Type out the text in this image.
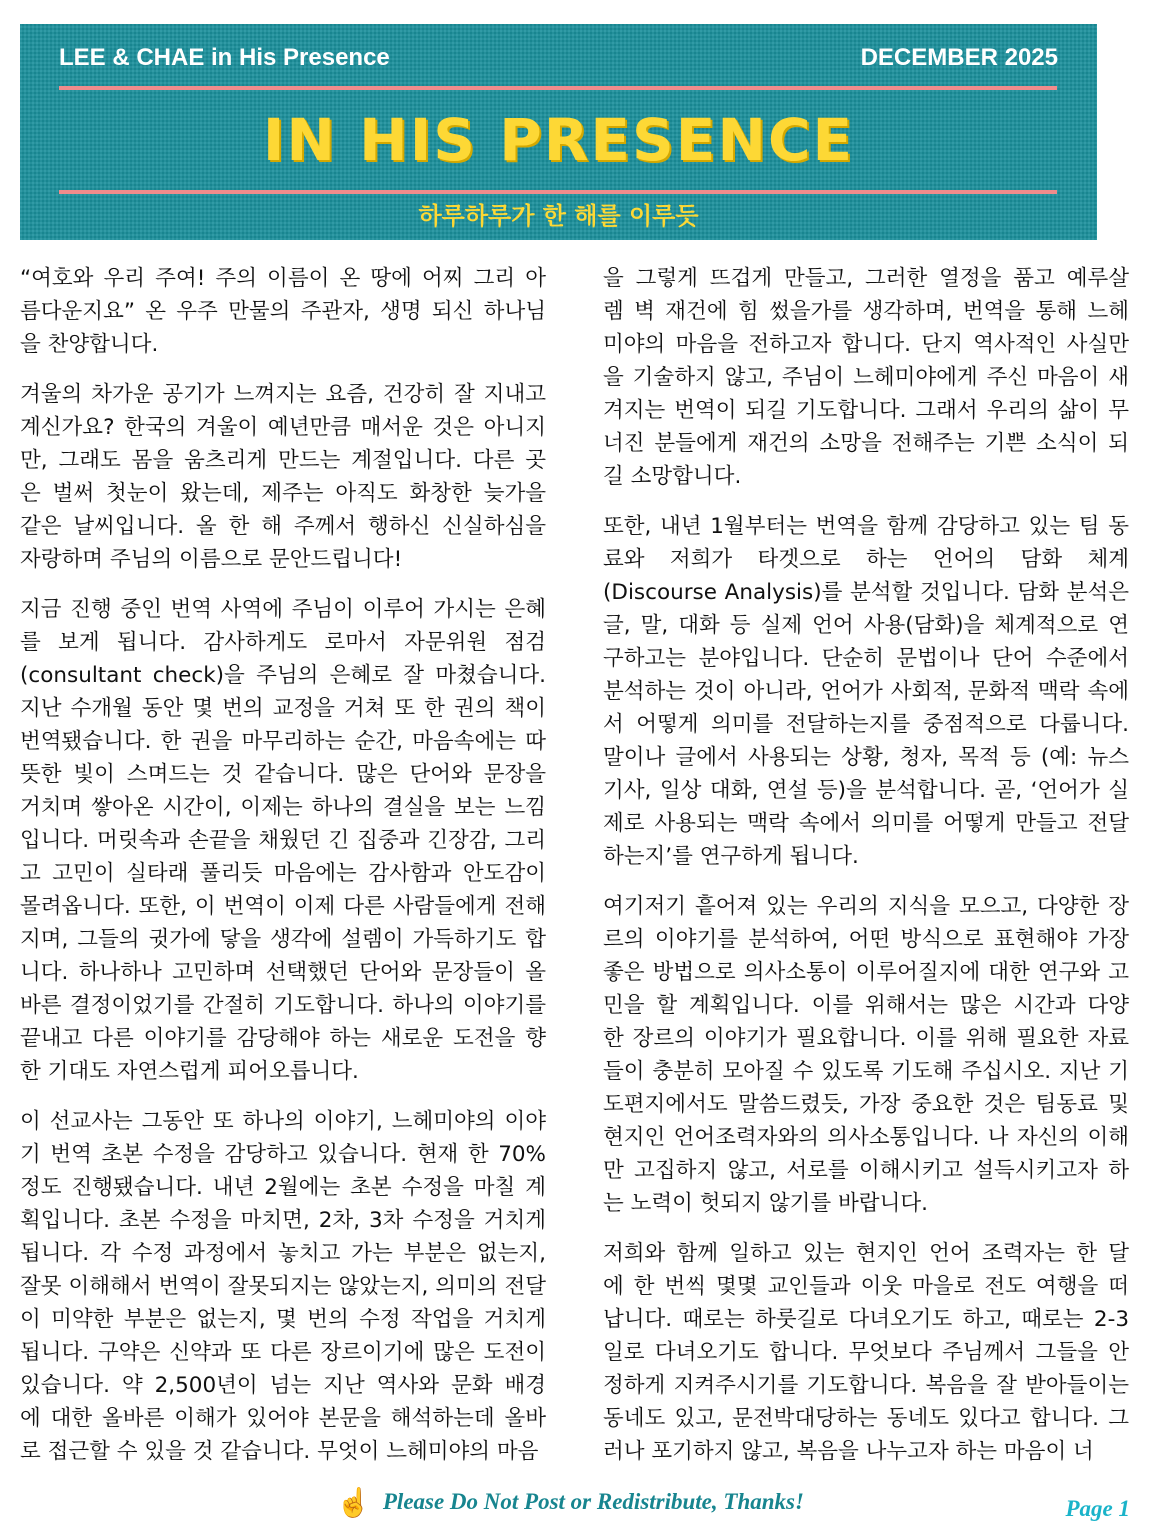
LEE & CHAE in His Presence	DECEMBER 2025
IN HIS PRESENCE
하루하루가 한 해를 이루듯
“여호와 우리 주여! 주의 이름이 온 땅에 어찌 그리 아
름다운지요” 온 우주 만물의 주관자, 생명 되신 하나님
을 찬양합니다.
겨울의 차가운 공기가 느껴지는 요즘, 건강히 잘 지내고
계신가요? 한국의 겨울이 예년만큼 매서운 것은 아니지
만, 그래도 몸을 움츠리게 만드는 계절입니다. 다른 곳
은 벌써 첫눈이 왔는데, 제주는 아직도 화창한 늦가을
같은 날씨입니다. 올 한 해 주께서 행하신 신실하심을
자랑하며 주님의 이름으로 문안드립니다!
지금 진행 중인 번역 사역에 주님이 이루어 가시는 은혜
를 보게 됩니다. 감사하게도 로마서 자문위원 점검
(consultant check)을 주님의 은혜로 잘 마쳤습니다.
지난 수개월 동안 몇 번의 교정을 거쳐 또 한 권의 책이
번역됐습니다. 한 권을 마무리하는 순간, 마음속에는 따
뜻한 빛이 스며드는 것 같습니다. 많은 단어와 문장을
거치며 쌓아온 시간이, 이제는 하나의 결실을 보는 느낌
입니다. 머릿속과 손끝을 채웠던 긴 집중과 긴장감, 그리
고 고민이 실타래 풀리듯 마음에는 감사함과 안도감이
몰려옵니다. 또한, 이 번역이 이제 다른 사람들에게 전해
지며, 그들의 귓가에 닿을 생각에 설렘이 가득하기도 합
니다. 하나하나 고민하며 선택했던 단어와 문장들이 올
바른 결정이었기를 간절히 기도합니다. 하나의 이야기를
끝내고 다른 이야기를 감당해야 하는 새로운 도전을 향
한 기대도 자연스럽게 피어오릅니다.
이 선교사는 그동안 또 하나의 이야기, 느헤미야의 이야
기 번역 초본 수정을 감당하고 있습니다. 현재 한 70%
정도 진행됐습니다. 내년 2월에는 초본 수정을 마칠 계
획입니다. 초본 수정을 마치면, 2차, 3차 수정을 거치게
됩니다. 각 수정 과정에서 놓치고 가는 부분은 없는지,
잘못 이해해서 번역이 잘못되지는 않았는지, 의미의 전달
이 미약한 부분은 없는지, 몇 번의 수정 작업을 거치게
됩니다. 구약은 신약과 또 다른 장르이기에 많은 도전이
있습니다. 약 2,500년이 넘는 지난 역사와 문화 배경
에 대한 올바른 이해가 있어야 본문을 해석하는데 올바
로 접근할 수 있을 것 같습니다. 무엇이 느헤미야의 마음
을 그렇게 뜨겁게 만들고, 그러한 열정을 품고 예루살
렘 벽 재건에 힘 썼을가를 생각하며, 번역을 통해 느헤
미야의 마음을 전하고자 합니다. 단지 역사적인 사실만
을 기술하지 않고, 주님이 느헤미야에게 주신 마음이 새
겨지는 번역이 되길 기도합니다. 그래서 우리의 삶이 무
너진 분들에게 재건의 소망을 전해주는 기쁜 소식이 되
길 소망합니다.
또한, 내년 1월부터는 번역을 함께 감당하고 있는 팀 동
료와 저희가 타겟으로 하는 언어의 담화 체계
(Discourse Analysis)를 분석할 것입니다. 담화 분석은
글, 말, 대화 등 실제 언어 사용(담화)을 체계적으로 연
구하고는 분야입니다. 단순히 문법이나 단어 수준에서
분석하는 것이 아니라, 언어가 사회적, 문화적 맥락 속에
서 어떻게 의미를 전달하는지를 중점적으로 다룹니다.
말이나 글에서 사용되는 상황, 청자, 목적 등 (예: 뉴스
기사, 일상 대화, 연설 등)을 분석합니다. 곧, ‘언어가 실
제로 사용되는 맥락 속에서 의미를 어떻게 만들고 전달
하는지’를 연구하게 됩니다.
여기저기 흩어져 있는 우리의 지식을 모으고, 다양한 장
르의 이야기를 분석하여, 어떤 방식으로 표현해야 가장
좋은 방법으로 의사소통이 이루어질지에 대한 연구와 고
민을 할 계획입니다. 이를 위해서는 많은 시간과 다양
한 장르의 이야기가 필요합니다. 이를 위해 필요한 자료
들이 충분히 모아질 수 있도록 기도해 주십시오. 지난 기
도편지에서도 말씀드렸듯, 가장 중요한 것은 팀동료 및
현지인 언어조력자와의 의사소통입니다. 나 자신의 이해
만 고집하지 않고, 서로를 이해시키고 설득시키고자 하
는 노력이 헛되지 않기를 바랍니다.
저희와 함께 일하고 있는 현지인 언어 조력자는 한 달
에 한 번씩 몇몇 교인들과 이웃 마을로 전도 여행을 떠
납니다. 때로는 하룻길로 다녀오기도 하고, 때로는 2-3
일로 다녀오기도 합니다. 무엇보다 주님께서 그들을 안
정하게 지켜주시기를 기도합니다. 복음을 잘 받아들이는
동네도 있고, 문전박대당하는 동네도 있다고 합니다. 그
러나 포기하지 않고, 복음을 나누고자 하는 마음이 너
☝ Please Do Not Post or Redistribute, Thanks!	Page 1
